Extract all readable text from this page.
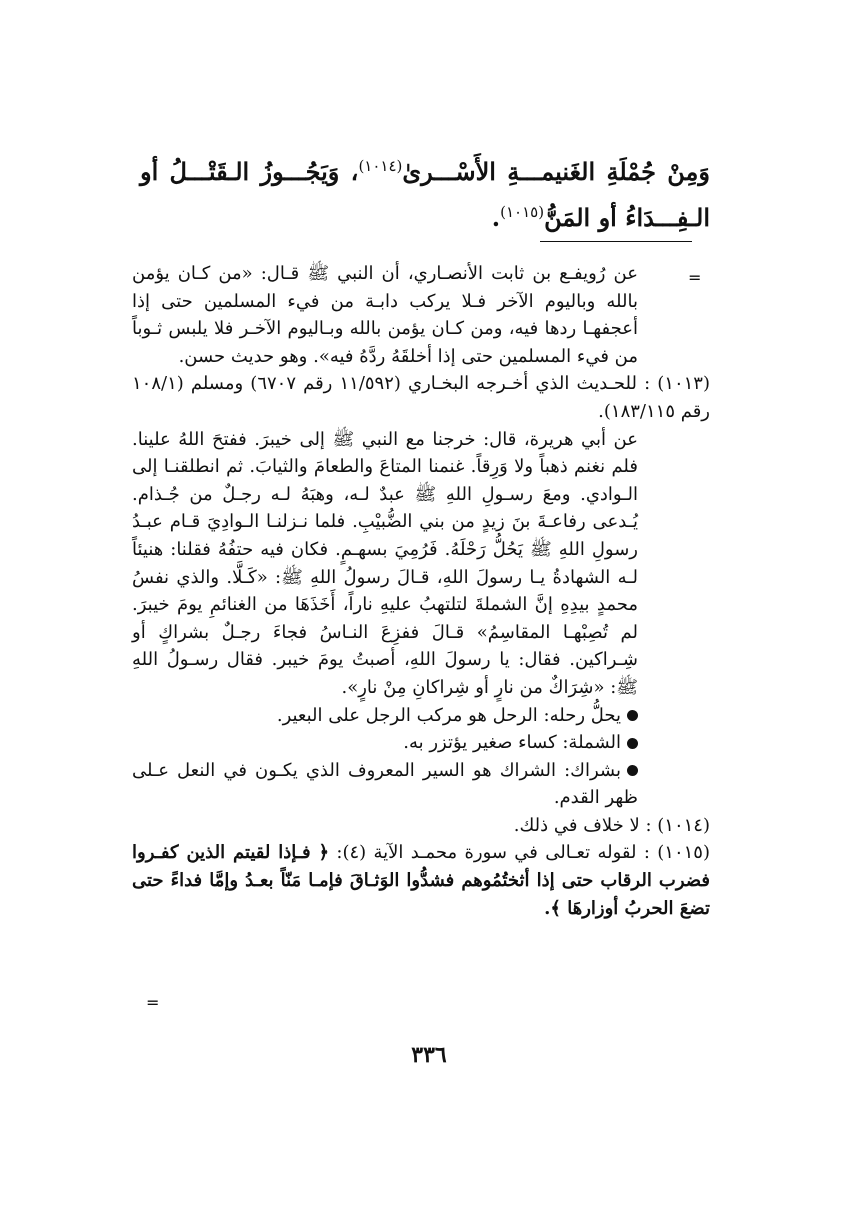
وَمِنْ جُمْلَةِ الغَنيمـــةِ الأَسْـــرىٰ$^{(١٠١٤)}$، وَيَجُـــوزُ الـقَتْـــلُ أو الـفِـــدَاءُ أو المَنُّ$^{(١٠١٥)}$.
=

عن رُويفـع بن ثابت الأنصـاري، أن النبي ﷺ قـال: «من كـان يؤمن بالله وباليوم الآخر فـلا يركب دابـة من فيء المسلمين حتى إذا أعجفهـا ردها فيه، ومن كـان يؤمن بالله وبـاليوم الآخـر فلا يلبس ثـوباً من فيء المسلمين حتى إذا أخلقَهُ ردَّهُ فيه». وهو حديث حسن.

(١٠١٣) : للحـديث الذي أخـرجه البخـاري (١١/٥٩٢ رقم ٦٧٠٧) ومسلم (١٠٨/١ رقم ١٨٣/١١٥).

عن أبي هريرة، قال: خرجنا مع النبي ﷺ إلى خيبرَ. ففتحَ اللهُ علينا. فلم نغنم ذهباً ولا وَرِقاً. غنمنا المتاعَ والطعامَ والثيابَ. ثم انطلقنـا إلى الـوادي. ومعَ رسـولِ اللهِ ﷺ عبدٌ لـه، وهبَهُ لـه رجـلٌ من جُـذام. يُـدعى رفاعـةَ بنَ زيدٍ من بني الضُّبيْبِ. فلما نـزلنـا الـوادِيَ قـام عبـدُ رسولِ اللهِ ﷺ يَحُلُّ رَحْلَهُ. فَرُمِيَ بسهـمٍ. فكان فيه حتفُهُ فقلنا: هنيئاً لـه الشهادةُ يـا رسولَ اللهِ، قـالَ رسولُ اللهِ ﷺ: «كَـلَّا. والذي نفسُ محمدٍ بيدِهِ إنَّ الشملةَ لتلتهبُ عليهِ ناراً، أَخَذَهَا من الغنائمِ يومَ خيبرَ. لم تُصِبْهـا المقاسِمُ» قـالَ ففزِعَ النـاسُ فجاءَ رجـلٌ بشراكٍ أو شِـراكين. فقال: يا رسولَ اللهِ، أصبتُ يومَ خيبر. فقال رسـولُ اللهِ ﷺ: «شِرَاكٌ من نارٍ أو شِراكانِ مِنْ نارٍ».

يحلُّ رحله: الرحل هو مركب الرجل على البعير.

الشملة: كساء صغير يؤتزر به.

بشراك: الشراك هو السير المعروف الذي يكـون في النعل عـلى ظهر القدم.

(١٠١٤) : لا خلاف في ذلك.

(١٠١٥) : لقوله تعـالى في سورة محمـد الآية (٤): ﴿ فـإذا لقيتم الذين كفـروا فضرب الرقاب حتى إذا أثختُمُوهم فشدُّوا الوَثـاقَ فإمـا مَنّاً بعـدُ وإمَّا فداءً حتى تضعَ الحربُ أوزارهَا ﴾.

=
٣٣٦
